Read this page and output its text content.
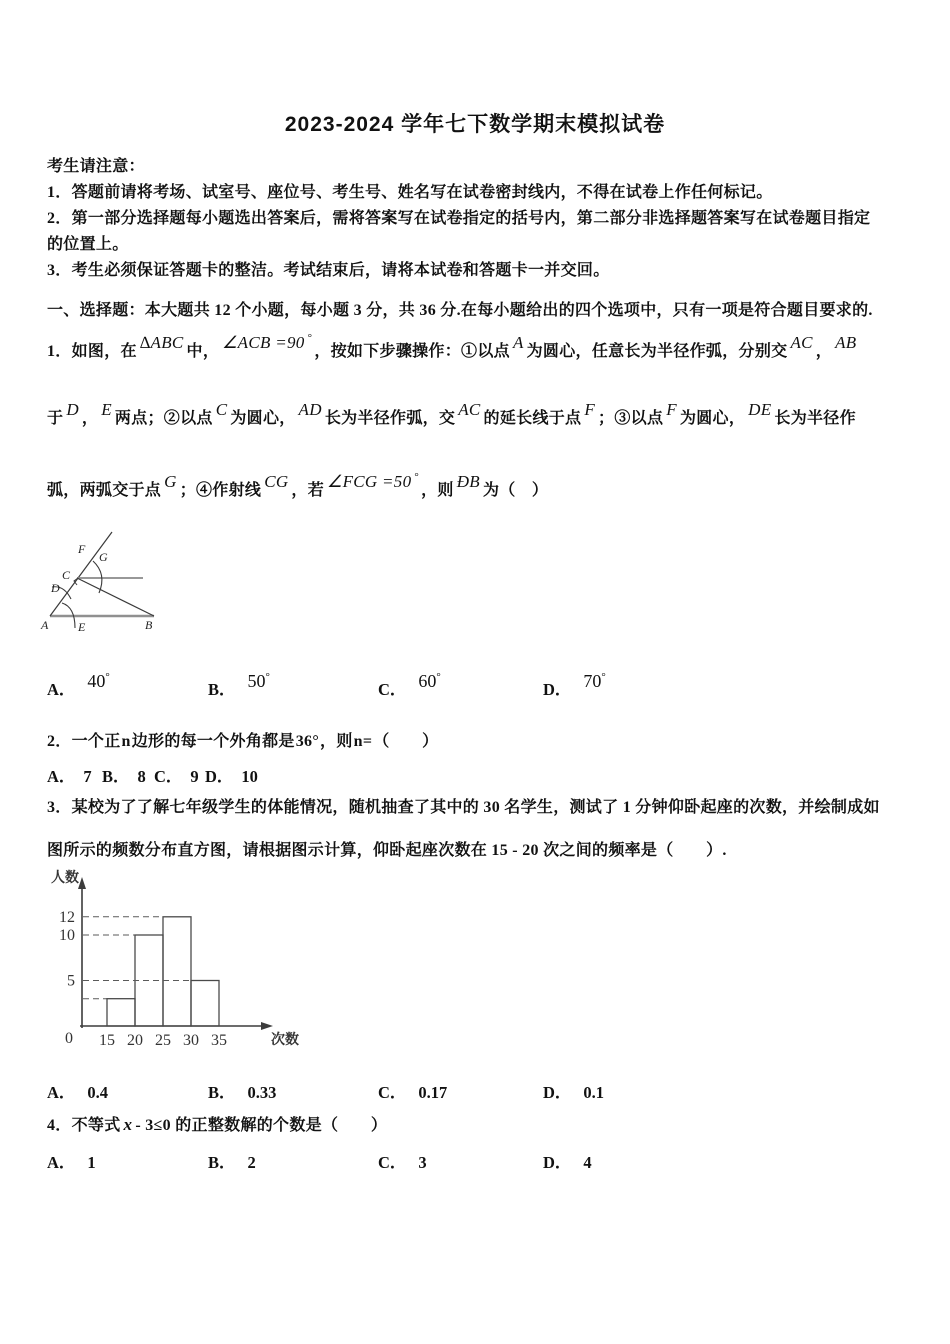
2023-2024 学年七下数学期末模拟试卷
考生请注意：
1．答题前请将考场、试室号、座位号、考生号、姓名写在试卷密封线内，不得在试卷上作任何标记。
2．第一部分选择题每小题选出答案后，需将答案写在试卷指定的括号内，第二部分非选择题答案写在试卷题目指定
的位置上。
3．考生必须保证答题卡的整洁。考试结束后，请将本试卷和答题卡一并交回。
一、选择题：本大题共 12 个小题，每小题 3 分，共 36 分.在每小题给出的四个选项中，只有一项是符合题目要求的.
1．如图，在 ∆ABC 中， ∠ACB =90 °，按如下步骤操作：①以点 A 为圆心，任意长为半径作弧，分别交 AC ， AB
于 D ， E 两点；②以点 C 为圆心， AD 长为半径作弧，交 AC 的延长线于点 F ；③以点 F 为圆心， DE 长为半径作
弧，两弧交于点 G ；④作射线 CG ，若 ∠FCG =50 °，则 ÐB 为（　）
A E	B
D
C
F
G
A． 40°
B． 50°
C． 60°
D． 70°
2．一个正n边形的每一个外角都是36°，则n=（　　）
A． 7 B． 8 C． 9 D． 10
3．某校为了了解七年级学生的体能情况，随机抽查了其中的 30 名学生，测试了 1 分钟仰卧起座的次数，并绘制成如
图所示的频数分布直方图，请根据图示计算，仰卧起座次数在 15 - 20 次之间的频率是（　　）.
5
10
12
0 15 20 25 30 35
人数
次数
A． 0.4	B． 0.33	C． 0.17	D． 0.1
4．不等式 x - 3≤0 的正整数解的个数是（　　）
A． 1	B． 2	C． 3	D． 4
